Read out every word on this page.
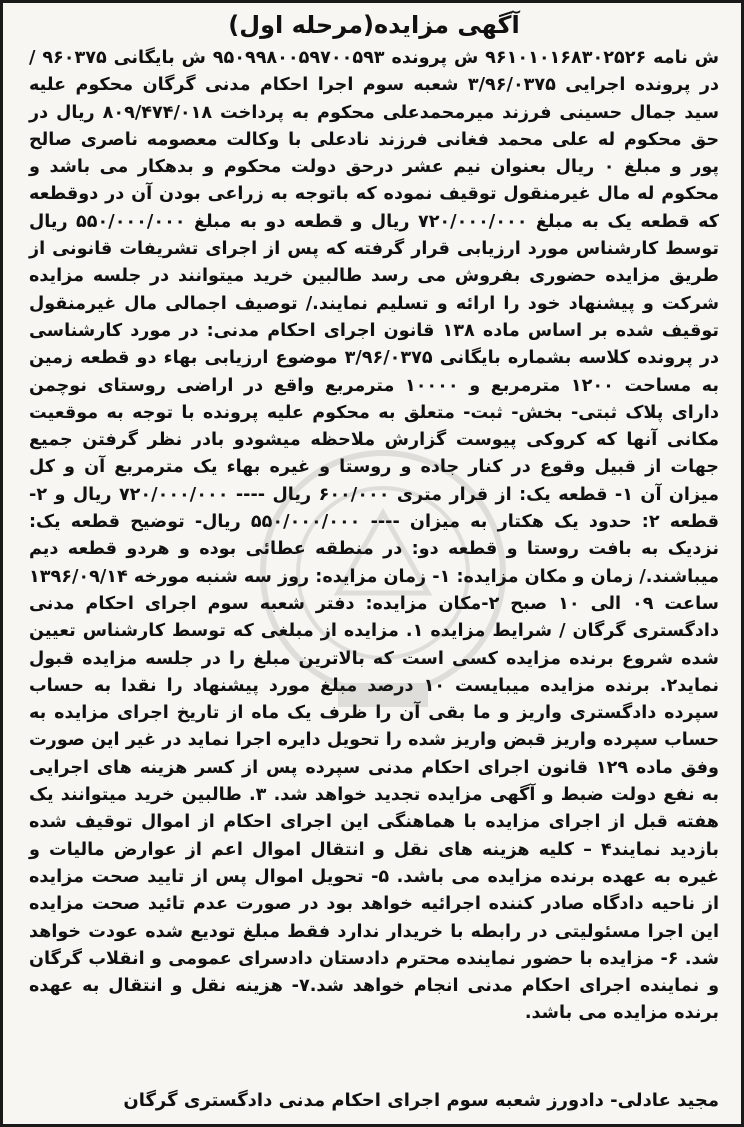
آگهی مزایده(مرحله اول)

ش نامه ۹۶۱۰۱۰۱۶۸۳۰۲۵۲۶ ش پرونده ۹۵۰۹۹۸۰۰۵۹۷۰۰۵۹۳ ش بایگانی ۹۶۰۳۷۵ / در پرونده اجرایی ۳/۹۶/۰۳۷۵ شعبه سوم اجرا احکام مدنی گرگان محکوم علیه سید جمال حسینی فرزند میرمحمدعلی محکوم به پرداخت ۸۰۹/۴۷۴/۰۱۸ ریال در حق محکوم له علی محمد فغانی فرزند نادعلی با وکالت معصومه ناصری صالح پور و مبلغ ۰ ریال بعنوان نیم عشر درحق دولت محکوم و بدهکار می باشد و محکوم له مال غیرمنقول توقیف نموده که باتوجه به زراعی بودن آن در دوقطعه که قطعه یک به مبلغ ۷۲۰/۰۰۰/۰۰۰ ریال و قطعه دو به مبلغ ۵۵۰/۰۰۰/۰۰۰ ریال توسط کارشناس مورد ارزیابی قرار گرفته که پس از اجرای تشریفات قانونی از طریق مزایده حضوری بفروش می رسد طالبین خرید میتوانند در جلسه مزایده شرکت و پیشنهاد خود را ارائه و تسلیم نمایند./ توصیف اجمالی مال غیرمنقول توقیف شده بر اساس ماده ۱۳۸ قانون اجرای احکام مدنی: در مورد کارشناسی در پرونده کلاسه بشماره بایگانی ۳/۹۶/۰۳۷۵ موضوع ارزیابی بهاء دو قطعه زمین به مساحت ۱۲۰۰ مترمربع و ۱۰۰۰۰ مترمربع واقع در اراضی روستای نوچمن دارای پلاک ثبتی- بخش- ثبت- متعلق به محکوم علیه پرونده با توجه به موقعیت مکانی آنها که کروکی پیوست گزارش ملاحظه میشودو بادر نظر گرفتن جمیع جهات از قبیل وقوع در کنار جاده و روستا و غیره بهاء یک مترمربع آن و کل میزان آن ۱- قطعه یک: از قرار متری ۶۰۰/۰۰۰ ریال ---- ۷۲۰/۰۰۰/۰۰۰ ریال و ۲- قطعه ۲: حدود یک هکتار به میزان ---- ۵۵۰/۰۰۰/۰۰۰ ریال- توضیح قطعه یک: نزدیک به بافت روستا و قطعه دو: در منطقه عطائی بوده و هردو قطعه دیم میباشند./ زمان و مکان مزایده: ۱- زمان مزایده: روز سه شنبه مورخه ۱۳۹۶/۰۹/۱۴ ساعت ۰۹ الی ۱۰ صبح ۲-مکان مزایده: دفتر شعبه سوم اجرای احکام مدنی دادگستری گرگان / شرایط مزایده ۱. مزایده از مبلغی که توسط کارشناس تعیین شده شروع برنده مزایده کسی است که بالاترین مبلغ را در جلسه مزایده قبول نماید۲. برنده مزایده میبایست ۱۰ درصد مبلغ مورد پیشنهاد را نقدا به حساب سپرده دادگستری واریز و ما بقی آن را ظرف یک ماه از تاریخ اجرای مزایده به حساب سپرده واریز قبض واریز شده را تحویل دایره اجرا نماید در غیر این صورت وفق ماده ۱۲۹ قانون اجرای احکام مدنی سپرده پس از کسر هزینه های اجرایی به نفع دولت ضبط و آگهی مزایده تجدید خواهد شد. ۳. طالبین خرید میتوانند یک هفته قبل از اجرای مزایده با هماهنگی این اجرای احکام از اموال توقیف شده بازدید نمایند۴ – کلیه هزینه های نقل و انتقال اموال اعم از عوارض مالیات و غیره به عهده برنده مزایده می باشد. ۵- تحویل اموال پس از تایید صحت مزایده از ناحیه دادگاه صادر کننده اجرائیه خواهد بود در صورت عدم تائید صحت مزایده این اجرا مسئولیتی در رابطه با خریدار ندارد فقط مبلغ تودیع شده عودت خواهد شد. ۶- مزایده با حضور نماینده محترم دادستان دادسرای عمومی و انقلاب گرگان و نماینده اجرای احکام مدنی انجام خواهد شد.۷- هزینه نقل و انتقال به عهده برنده مزایده می باشد.

مجید عادلی- دادورز شعبه سوم اجرای احکام مدنی دادگستری گرگان
